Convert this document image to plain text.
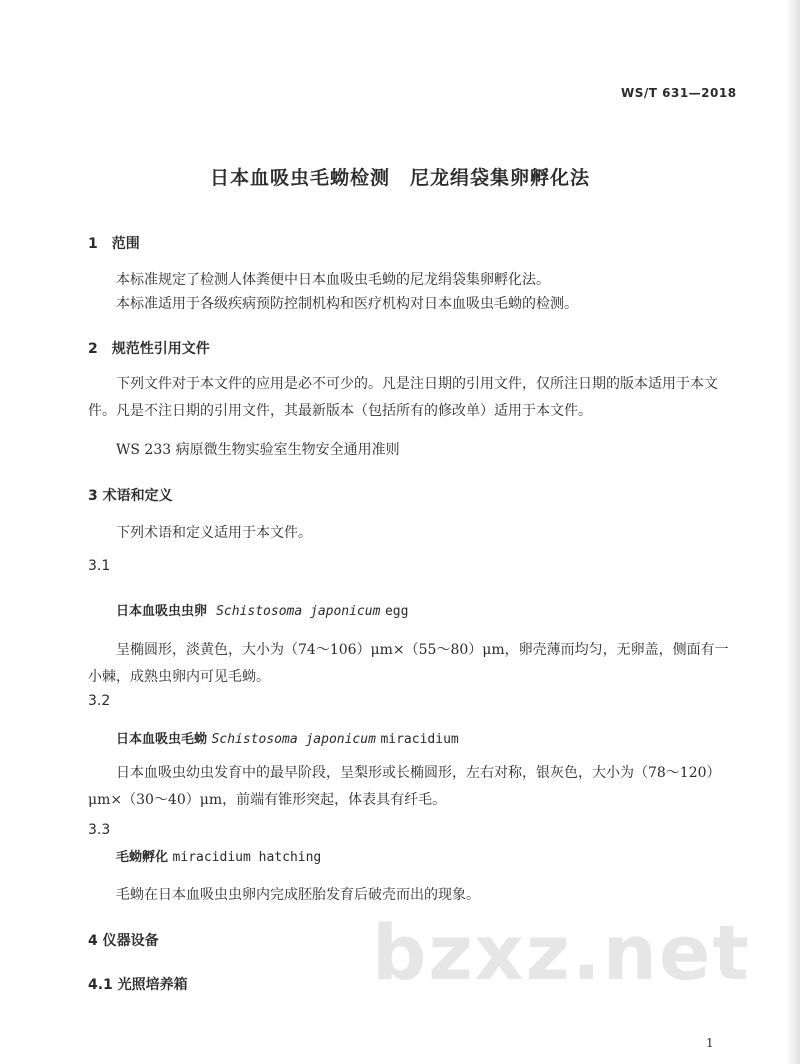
WS/T 631—2018
日本血吸虫毛蚴检测　尼龙绢袋集卵孵化法
1　范围
本标准规定了检测人体粪便中日本血吸虫毛蚴的尼龙绢袋集卵孵化法。
本标准适用于各级疾病预防控制机构和医疗机构对日本血吸虫毛蚴的检测。
2　规范性引用文件
下列文件对于本文件的应用是必不可少的。凡是注日期的引用文件，仅所注日期的版本适用于本文件。凡是不注日期的引用文件，其最新版本（包括所有的修改单）适用于本文件。
WS 233 病原微生物实验室生物安全通用准则
3 术语和定义
下列术语和定义适用于本文件。
3.1
日本血吸虫虫卵 Schistosoma japonicum egg
呈椭圆形，淡黄色，大小为（74～106）μm×（55～80）μm，卵壳薄而均匀，无卵盖，侧面有一小棘，成熟虫卵内可见毛蚴。
3.2
日本血吸虫毛蚴 Schistosoma japonicum miracidium
日本血吸虫幼虫发育中的最早阶段，呈梨形或长椭圆形，左右对称，银灰色，大小为（78～120）μm×（30～40）μm，前端有锥形突起，体表具有纤毛。
3.3
毛蚴孵化 miracidium hatching
毛蚴在日本血吸虫虫卵内完成胚胎发育后破壳而出的现象。
bzxz.net
4 仪器设备
4.1 光照培养箱
1
